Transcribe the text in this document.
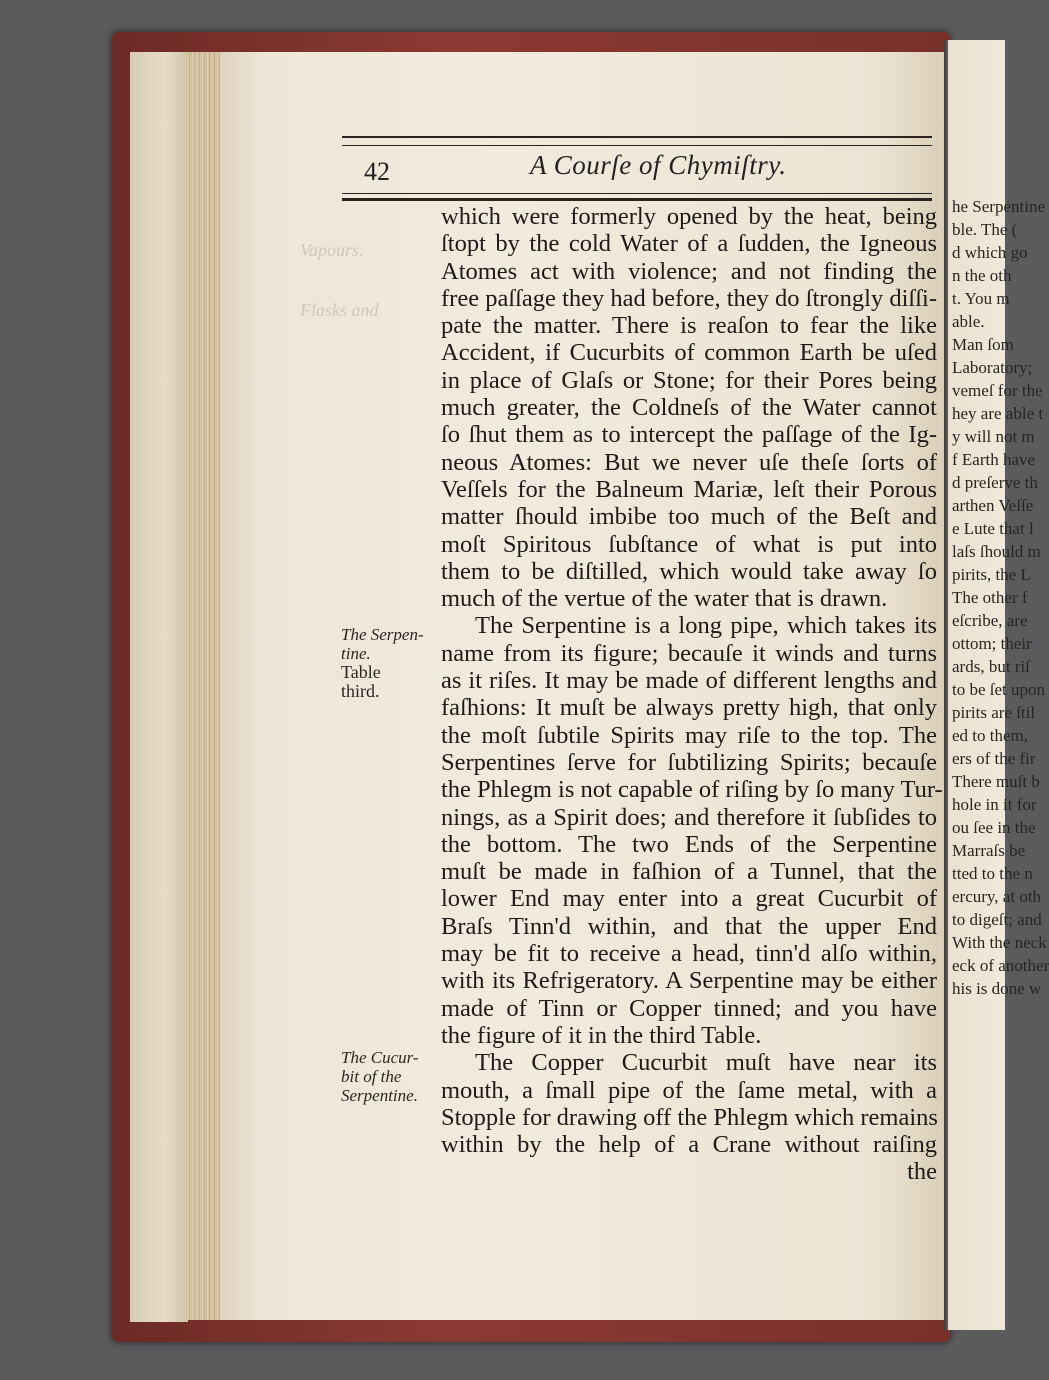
Vapours.
Flasks and
42	A Courſe of Chymiſtry.
The Serpen-
tine.
Table
third.
The Cucur-
bit of the
Serpentine.
which were formerly opened by the heat, being
ſtopt by the cold Water of a ſudden, the Igneous
Atomes act with violence; and not finding the
free paſſage they had before, they do ſtrongly diſſi-
pate the matter. There is reaſon to fear the like
Accident, if Cucurbits of common Earth be uſed
in place of Glaſs or Stone; for their Pores being
much greater, the Coldneſs of the Water cannot
ſo ſhut them as to intercept the paſſage of the Ig-
neous Atomes: But we never uſe theſe ſorts of
Veſſels for the Balneum Mariæ, leſt their Porous
matter ſhould imbibe too much of the Beſt and
moſt Spiritous ſubſtance of what is put into
them to be diſtilled, which would take away ſo
much of the vertue of the water that is drawn.
The Serpentine is a long pipe, which takes its
name from its figure; becauſe it winds and turns
as it riſes. It may be made of different lengths and
faſhions: It muſt be always pretty high, that only
the moſt ſubtile Spirits may riſe to the top. The
Serpentines ſerve for ſubtilizing Spirits; becauſe
the Phlegm is not capable of riſing by ſo many Tur-
nings, as a Spirit does; and therefore it ſubſides to
the bottom. The two Ends of the Serpentine
muſt be made in faſhion of a Tunnel, that the
lower End may enter into a great Cucurbit of
Braſs Tinn'd within, and that the upper End
may be fit to receive a head, tinn'd alſo within,
with its Refrigeratory. A Serpentine may be either
made of Tinn or Copper tinned; and you have
the figure of it in the third Table.
The Copper Cucurbit muſt have near its
mouth, a ſmall pipe of the ſame metal, with a
Stopple for drawing off the Phlegm which remains
within by the help of a Crane without raiſing
the
he Serpentine
ble. The (
d which go
n the oth
t. You m
able.
Man ſom
Laboratory;
vemeſ for the
hey are able t
y will not m
f Earth have
d preſerve th
arthen Veſſe
e Lute that l
laſs ſhould m
pirits, the L
The other f
eſcribe, are
ottom; their
ards, but riſ
to be ſet upon
pirits are ſtil
ed to them,
ers of the fir
There muſt b
hole in it for
ou ſee in the
Marraſs be
tted to the n
ercury, at oth
to digeſt; and
With the neck
eck of another
his is done w
